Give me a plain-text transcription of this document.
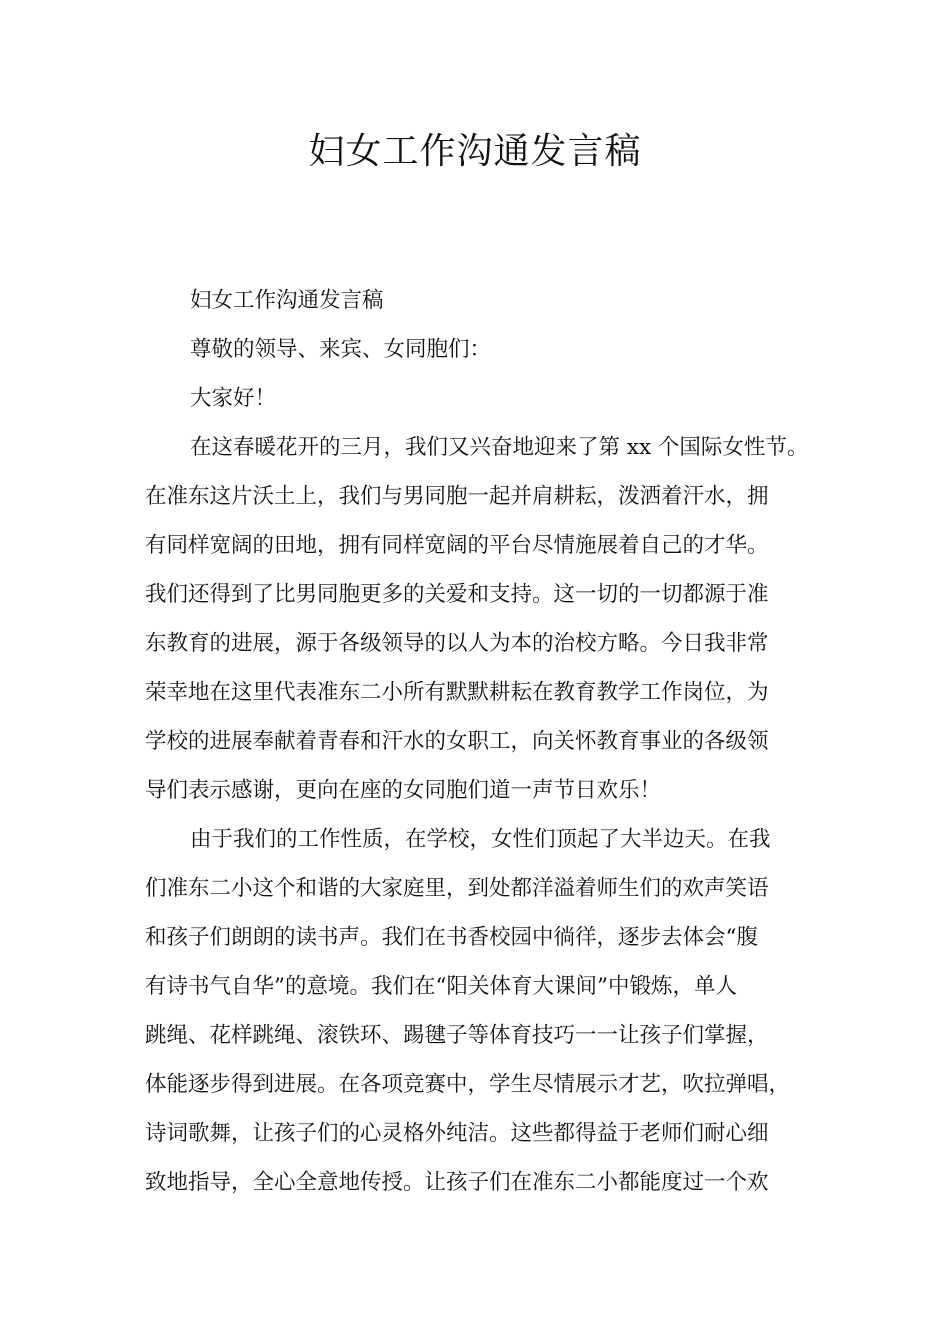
妇女工作沟通发言稿
妇女工作沟通发言稿
尊敬的领导、来宾、女同胞们：
大家好！
在这春暖花开的三月，我们又兴奋地迎来了第 xx 个国际女性节。
在准东这片沃土上，我们与男同胞一起并肩耕耘，泼洒着汗水，拥
有同样宽阔的田地，拥有同样宽阔的平台尽情施展着自己的才华。
我们还得到了比男同胞更多的关爱和支持。这一切的一切都源于准
东教育的进展，源于各级领导的以人为本的治校方略。今日我非常
荣幸地在这里代表准东二小所有默默耕耘在教育教学工作岗位，为
学校的进展奉献着青春和汗水的女职工，向关怀教育事业的各级领
导们表示感谢，更向在座的女同胞们道一声节日欢乐！
由于我们的工作性质，在学校，女性们顶起了大半边天。在我
们准东二小这个和谐的大家庭里，到处都洋溢着师生们的欢声笑语
和孩子们朗朗的读书声。我们在书香校园中徜徉，逐步去体会“腹
有诗书气自华”的意境。我们在“阳关体育大课间”中锻炼，单人
跳绳、花样跳绳、滚铁环、踢毽子等体育技巧一一让孩子们掌握，
体能逐步得到进展。在各项竞赛中，学生尽情展示才艺，吹拉弹唱，
诗词歌舞，让孩子们的心灵格外纯洁。这些都得益于老师们耐心细
致地指导，全心全意地传授。让孩子们在准东二小都能度过一个欢
